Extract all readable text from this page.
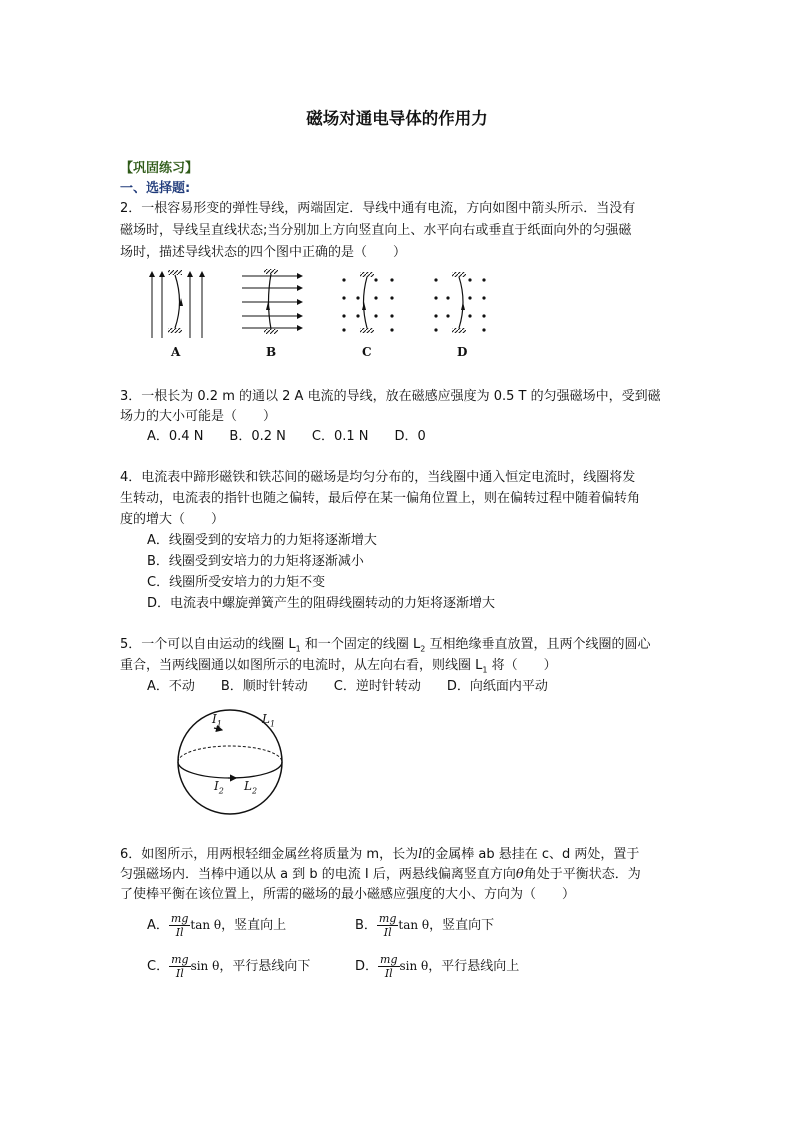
磁场对通电导体的作用力
【巩固练习】
一、选择题:
2．一根容易形变的弹性导线，两端固定．导线中通有电流，方向如图中箭头所示．当没有
磁场时，导线呈直线状态;当分别加上方向竖直向上、水平向右或垂直于纸面向外的匀强磁
场时，描述导线状态的四个图中正确的是（　　）
A	B	C	D
3．一根长为 0.2 m 的通以 2 A 电流的导线，放在磁感应强度为 0.5 T 的匀强磁场中，受到磁
场力的大小可能是（　　）
A．0.4 N　　B．0.2 N　　C．0.1 N　　D．0
4．电流表中蹄形磁铁和铁芯间的磁场是均匀分布的，当线圈中通入恒定电流时，线圈将发
生转动，电流表的指针也随之偏转，最后停在某一偏角位置上，则在偏转过程中随着偏转角
度的增大（　　）
A．线圈受到的安培力的力矩将逐渐增大
B．线圈受到安培力的力矩将逐渐减小
C．线圈所受安培力的力矩不变
D．电流表中螺旋弹簧产生的阻碍线圈转动的力矩将逐渐增大
5．一个可以自由运动的线圈 $L_1$ 和一个固定的线圈 $L_2$ 互相绝缘垂直放置，且两个线圈的圆心
重合，当两线圈通以如图所示的电流时，从左向右看，则线圈 $L_1$ 将（　　）
A．不动　　B．顺时针转动　　C．逆时针转动　　D．向纸面内平动
$I_1$	$L_1$
$I_2$ $L_2$
6．如图所示，用两根轻细金属丝将质量为 m，长为l的金属棒 ab 悬挂在 c、d 两处，置于
匀强磁场内．当棒中通以从 a 到 b 的电流 I 后，两悬线偏离竖直方向θ角处于平衡状态．为
了使棒平衡在该位置上，所需的磁场的最小磁感应强度的大小、方向为（　　）
A． $\frac{mg}{Il}$ tan θ，竖直向上	B． $\frac{mg}{Il}$ tan θ，竖直向下
C． $\frac{mg}{Il}$ sin θ，平行悬线向下	D． $\frac{mg}{Il}$ sin θ，平行悬线向上
